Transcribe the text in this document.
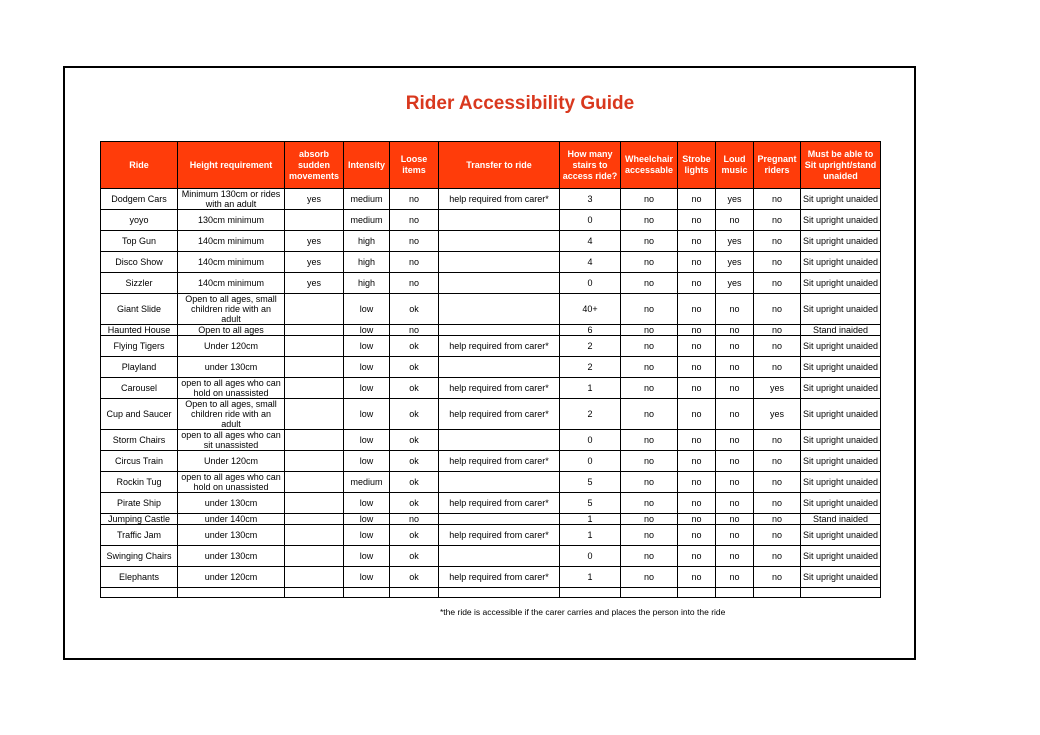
Rider Accessibility Guide
Ride	Height requirement	absorb sudden movements	Intensity	Loose items	Transfer to ride	How many stairs to access ride?	Wheelchair accessable	Strobe lights	Loud music	Pregnant riders	Must be able to Sit upright/stand unaided
Dodgem Cars	Minimum 130cm or rides with an adult	yes	medium	no	help required from carer*	3	no	no	yes	no	Sit upright unaided
yoyo	130cm minimum		medium	no		0	no	no	no	no	Sit upright unaided
Top Gun	140cm minimum	yes	high	no		4	no	no	yes	no	Sit upright unaided
Disco Show	140cm minimum	yes	high	no		4	no	no	yes	no	Sit upright unaided
Sizzler	140cm minimum	yes	high	no		0	no	no	yes	no	Sit upright unaided
Giant Slide	Open to all ages, small children ride with an adult		low	ok		40+	no	no	no	no	Sit upright unaided
Haunted House	Open to all ages		low	no		6	no	no	no	no	Stand inaided
Flying Tigers	Under 120cm		low	ok	help required from carer*	2	no	no	no	no	Sit upright unaided
Playland	under 130cm		low	ok		2	no	no	no	no	Sit upright unaided
Carousel	open to all ages who can hold on unassisted		low	ok	help required from carer*	1	no	no	no	yes	Sit upright unaided
Cup and Saucer	Open to all ages, small children ride with an adult		low	ok	help required from carer*	2	no	no	no	yes	Sit upright unaided
Storm Chairs	open to all ages who can sit unassisted		low	ok		0	no	no	no	no	Sit upright unaided
Circus Train	Under 120cm		low	ok	help required from carer*	0	no	no	no	no	Sit upright unaided
Rockin Tug	open to all ages who can hold on unassisted		medium	ok		5	no	no	no	no	Sit upright unaided
Pirate Ship	under 130cm		low	ok	help required from carer*	5	no	no	no	no	Sit upright unaided
Jumping Castle	under 140cm		low	no		1	no	no	no	no	Stand inaided
Traffic Jam	under 130cm		low	ok	help required from carer*	1	no	no	no	no	Sit upright unaided
Swinging Chairs	under 130cm		low	ok		0	no	no	no	no	Sit upright unaided
Elephants	under 120cm		low	ok	help required from carer*	1	no	no	no	no	Sit upright unaided

*the ride is accessible if the carer carries and places the person into the ride
